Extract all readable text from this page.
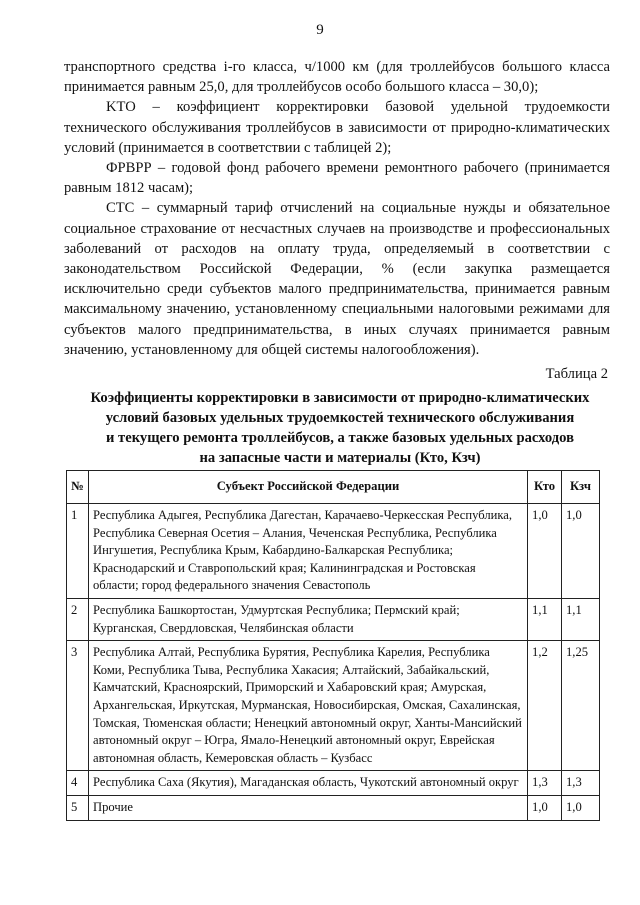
9

транспортного средства i-го класса, ч/1000 км (для троллейбусов большого класса принимается равным 25,0, для троллейбусов особо большого класса – 30,0);

KТО – коэффициент корректировки базовой удельной трудоемкости технического обслуживания троллейбусов в зависимости от природно-климатических условий (принимается в соответствии с таблицей 2);

ФРВРР – годовой фонд рабочего времени ремонтного рабочего (принимается равным 1812 часам);

СТС – суммарный тариф отчислений на социальные нужды и обязательное социальное страхование от несчастных случаев на производстве и профессиональных заболеваний от расходов на оплату труда, определяемый в соответствии с законодательством Российской Федерации, % (если закупка размещается исключительно среди субъектов малого предпринимательства, принимается равным максимальному значению, установленному специальными налоговыми режимами для субъектов малого предпринимательства, в иных случаях принимается равным значению, установленному для общей системы налогообложения).

Таблица 2
Коэффициенты корректировки в зависимости от природно-климатических
условий базовых удельных трудоемкостей технического обслуживания
и текущего ремонта троллейбусов, а также базовых удельных расходов
на запасные части и материалы (Кто, Кзч)
№	Субъект Российской Федерации	Кто	Кзч
1	Республика Адыгея, Республика Дагестан, Карачаево-Черкесская Республика, Республика Северная Осетия – Алания, Чеченская Республика, Республика Ингушетия, Республика Крым, Кабардино-Балкарская Республика; Краснодарский и Ставропольский края; Калининградская и Ростовская области; город федерального значения Севастополь	1,0	1,0
2	Республика Башкортостан, Удмуртская Республика; Пермский край; Курганская, Свердловская, Челябинская области	1,1	1,1
3	Республика Алтай, Республика Бурятия, Республика Карелия, Республика Коми, Республика Тыва, Республика Хакасия; Алтайский, Забайкальский, Камчатский, Красноярский, Приморский и Хабаровский края; Амурская, Архангельская, Иркутская, Мурманская, Новосибирская, Омская, Сахалинская, Томская, Тюменская области; Ненецкий автономный округ, Ханты-Мансийский автономный округ – Югра, Ямало-Ненецкий автономный округ, Еврейская автономная область, Кемеровская область – Кузбасс	1,2	1,25
4	Республика Саха (Якутия), Магаданская область, Чукотский автономный округ	1,3	1,3
5	Прочие	1,0	1,0
